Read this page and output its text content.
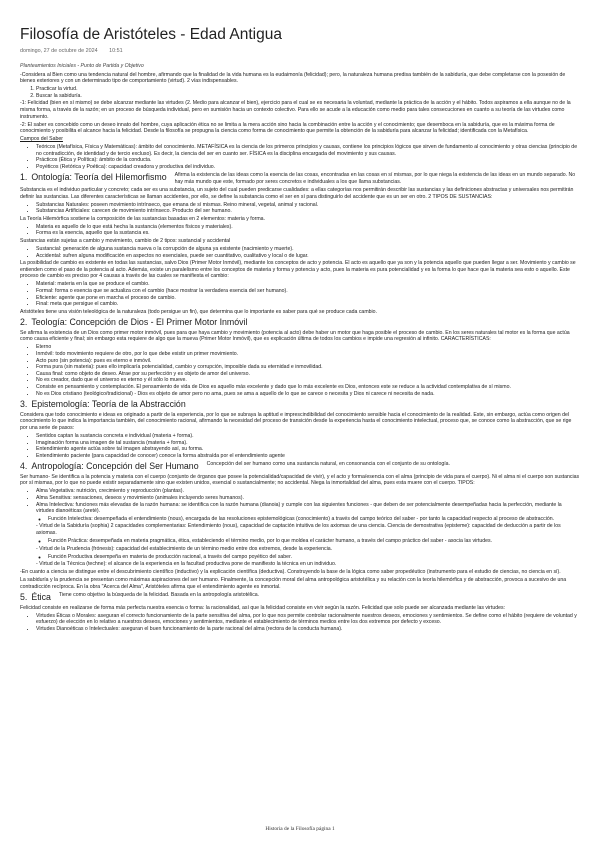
Filosofía de Aristóteles - Edad Antigua
domingo, 27 de octubre de 2024 10:51

Planteamientos Iniciales - Punto de Partida y Objetivo

-Considera al Bien como una tendencia natural del hombre, afirmando que la finalidad de la vida humana es la eudaimonía (felicidad); pero, la naturaleza humana predisa también de la sabiduría, que debe completarse con la posesión de bienes exteriores y con un determinado tipo de comportamiento (virtud). 2 vías indispensables.

1. Practicar la virtud.
2. Buscar la sabiduría.

-1: Felicidad (bien en sí mismo) se debe alcanzar mediante las virtudes (2. Medio para alcanzar el bien), ejercicio para el cual se es necesaria la voluntad, mediante la práctica de la acción y el hábito. Todos aspiramos a ella aunque no de la misma forma, a través de la razón; en un proceso de búsqueda individual, pero en sumisión hacia un contexto colectivo. Para ello se acude a la educación como medio para tales consecuciones en cuanto a su teoría de las virtudes como instrumento.

-2: El saber es concebido como un deseo innato del hombre, cuya aplicación ética no se limita a la mera acción sino hacia la combinación entre la acción y el conocimiento; que desemboca en la sabiduría, que es la máxima forma de conocimiento y posibilita el alcance hacia la felicidad. Desde la filosofía se propugna la ciencia como forma de conocimiento que permite la obtención de la sabiduría para alcanzar la felicidad; identificada con la Metafísica.

Campos del Saber

• Teóricos (Metafísica, Física y Matemáticas): ámbito del conocimiento. METAFÍSICA es la ciencia de los primeros principios y causas, contiene los principios lógicos que sirven de fundamento al conocimiento y otras ciencias (principio de no contradicción, de identidad y de tercio excluso). Es decir, la ciencia del ser en cuanto ser. FÍSICA es la disciplina encargada del movimiento y sus causas.
• Prácticos (Ética y Política): ámbito de la conducta.
• Poyéticos (Retórica y Poética): capacidad creadora y productiva del individuo.
1. Ontología: Teoría del Hilemorfismo Afirma la existencia de las ideas como la esencia de las cosas, encontradas en las cosas en sí mismas, por lo que niega la existencia de las ideas en un mundo separado. No hay más mundo que este, formado por seres concretos e individuales a los que llama substancias.

Substancia es el individuo particular y concreto; cada ser es una substancia, un sujeto del cual pueden predicarse cualidades: a ellas categorías nos permitirán describir las sustancias y las definiciones abstractas y universales nos permitirán definir las sustancias. Las diferentes características se llaman accidentes, por ello, se define la substancia como el ser en sí para distinguirlo del accidente que es un ser en otro. 2 TIPOS DE SUSTANCIAS:

• Substancias Naturales: poseen movimiento intrínseco, que emana de sí mismas. Reino mineral, vegetal, animal y racional.
• Substancias Artificiales: carecen de movimiento intrínseco. Producto del ser humano.

La Teoría Hilemórfica sostiene la composición de las sustancias basadas en 2 elementos: materia y forma.

• Materia es aquello de lo que está hecha la sustancia (elementos físicos y materiales).
• Forma es la esencia, aquello que la sustancia es.

Sustancias están sujetas a cambio y movimiento, cambio de 2 tipos: sustancial y accidental

• Sustancial: generación de alguna sustancia nueva o la corrupción de alguna ya existente (nacimiento y muerte).
• Accidental: sufren alguna modificación en aspectos no esenciales, puede ser cuantitativo, cualitativo y local o de lugar.

La posibilidad de cambio es existente en todas las sustancias, salvo Dios (Primer Motor Inmóvil), mediante los conceptos de acto y potencia. El acto es aquello que ya son y la potencia aquello que pueden llegar a ser. Movimiento y cambio se entienden como el paso de la potencia al acto. Además, existe un paralelismo entre los conceptos de materia y forma y potencia y acto, pues la materia es pura potencialidad y es la forma lo que hace que la materia sea esto o aquello. Este proceso de cambio es preciso por 4 causas a través de las cuales se manifiesta el cambio:

• Material: materia en la que se produce el cambio.
• Formal: forma o esencia que se actualiza con el cambio (hace mostrar la verdadera esencia del ser humano).
• Eficiente: agente que pone en marcha el proceso de cambio.
• Final: meta que persigue el cambio.

Aristóteles tiene una visión teleológica de la naturaleza (todo persigue un fin), que determina que lo importante es saber para qué se produce cada cambio.

2. Teología: Concepción de Dios - El Primer Motor Inmóvil

Se afirma la existencia de un Dios como primer motor inmóvil, pues para que haya cambio y movimiento (potencia al acto) debe haber un motor que haga posible el proceso de cambio. En los seres naturales tal motor es la forma que actúa como causa eficiente y final; sin embargo esta requiere de algo que la mueva (Primer Motor Inmóvil), que es explicación última de todos los cambios e impide una regresión al infinito. CARACTERÍSTICAS:

• Eterno
• Inmóvil: todo movimiento requiere de otro, por lo que debe existir un primer movimiento.
• Acto puro (sin potencia): pues es eterno e inmóvil.
• Forma pura (sin materia): pues ello implicaría potencialidad, cambio y corrupción, imposible dada su eternidad e inmovilidad.
• Causa final: como objeto de deseo. Atrae por su perfección y es objeto de amor del universo.
• No es creador, dado que el universo es eterno y él sólo lo mueve.
• Consiste en pensamiento y contemplación. El pensamiento de vida de Dios es aquello más excelente y dado que lo más excelente es Dios, entonces este se reduce a la actividad contemplativa de sí mismo.
• No es Dios cristiano (teológico/tradicional) - Dios es objeto de amor pero no ama, pues se ama a aquello de lo que se carece o necesita y Dios ni carece ni necesita de nada.
3. Epistemología: Teoría de la Abstracción

Considera que todo conocimiento e ideas es originado a partir de la experiencia, por lo que se subraya la aptitud e imprescindibilidad del conocimiento sensible hacia el conocimiento de la realidad. Este, sin embargo, actúa como origen del conocimiento lo que indica la importancia también, del conocimiento racional, afirmando la necesidad del proceso de transición desde la experiencia hasta el conocimiento intelectual, proceso que, se conoce como la abstracción, que se rige por una serie de pasos:

• Sentidos captan la sustancia concreta e individual (materia + forma).
• Imaginación forma una imagen de tal sustancia (materia + forma).
• Entendimiento agente actúa sobre tal imagen abstrayendo así, su forma.
• Entendimiento paciente (para capacidad de conocer) conoce la forma abstraída por el entendimiento agente
4. Antropología: Concepción del Ser Humano Concepción del ser humano como una sustancia natural, en consonancia con el conjunto de su ontología.

Ser humano- Se identifica a la potencia y materia con el cuerpo (conjunto de órganos que posee la potencialidad/capacidad de vivir), y el acto y forma/esencia con el alma (principio de vida para el cuerpo). Ni el alma ni el cuerpo son sustancias por sí mismas, por lo que no puede existir separadamente sino que existen unidos, esencial o sustancialmente; no accidental. Niega la inmortalidad del alma, pues esta muere con el cuerpo. TIPOS:

• Alma Vegetativa: nutrición, crecimiento y reproducción (plantas).
• Alma Sensitiva: sensaciones, deseos y movimiento (animales incluyendo seres humanos).
• Alma Intelectiva: funciones más elevadas de la razón humana: se identifica con la razón humana (dianoia) y cumple con las siguientes funciones - que deben de ser potencialmente desempeñadas hacia la perfección, mediante la virtudes dianoéticas (areté).
◦ Función Intelectiva: desempeñada el entendimiento (nous), encargada de las resoluciones epistemológicas (conocimiento) a través del campo teórico del saber - por tanto la capacidad respecto al proceso de abstracción.

- Virtud de la Sabiduría (sophia) 2 capacidades complementarias: Entendimiento (nous), capacidad de captación intuitiva de los axiomas de una ciencia. Ciencia de demostrativa (episteme): capacidad de deducción a partir de los axiomas.

◦ Función Práctica: desempeñada en materia pragmática, ética, estableciendo el término medio, por lo que moldea el carácter humano, a través del campo práctico del saber - asocia las virtudes.

- Virtud de la Prudencia (frónesis): capacidad del establecimiento de un término medio entre dos extremos, desde la experiencia.

◦ Función Productiva desempeña en materia de producción racional, a través del campo poyético del saber.

- Virtud de la Técnica (techne): el alcance de la experiencia en la facultad productiva pone de manifiesto la técnica en un individuo.

-En cuanto a ciencia se distingue entre el descubrimiento científico (inductivo) y la explicación científica (deductiva). Construyendo la base de la lógica como saber propedéutico (instrumento para el estudio de ciencias, no ciencia en sí).

La sabiduría y la prudencia se presentan como máximas aspiraciones del ser humano. Finalmente, la concepción moral del alma antropológica aristotélica y su relación con la teoría hilemórfica y de abstracción, provoca a sucesivo de una contradicción recíproca. En la obra "Acerca del Alma", Aristóteles afirma que el entendimiento agente es inmortal.

5. Ética Tiene como objetivo la búsqueda de la felicidad. Basada en la antropología aristotélica.

Felicidad consiste en realizarse de forma más perfecta nuestra esencia o forma: la racionalidad, así que la felicidad consiste en vivir según la razón. Felicidad que solo puede ser alcanzada mediante las virtudes:

• Virtudes Éticas o Morales: aseguran el correcto funcionamiento de la parte sensitiva del alma, por lo que nos permite controlar racionalmente nuestros deseos, emociones y sentimientos. Se define como el hábito (requiere de voluntad y esfuerzo) de elección en lo relativo a nuestros deseos, emociones y sentimientos, mediante el establecimiento de términos medios entre los dos extremos por defecto y exceso.
• Virtudes Dianoéticas o Intelectuales: aseguran el buen funcionamiento de la parte racional del alma (rectora de la conducta humana).
Historia de la Filosofía página 1
